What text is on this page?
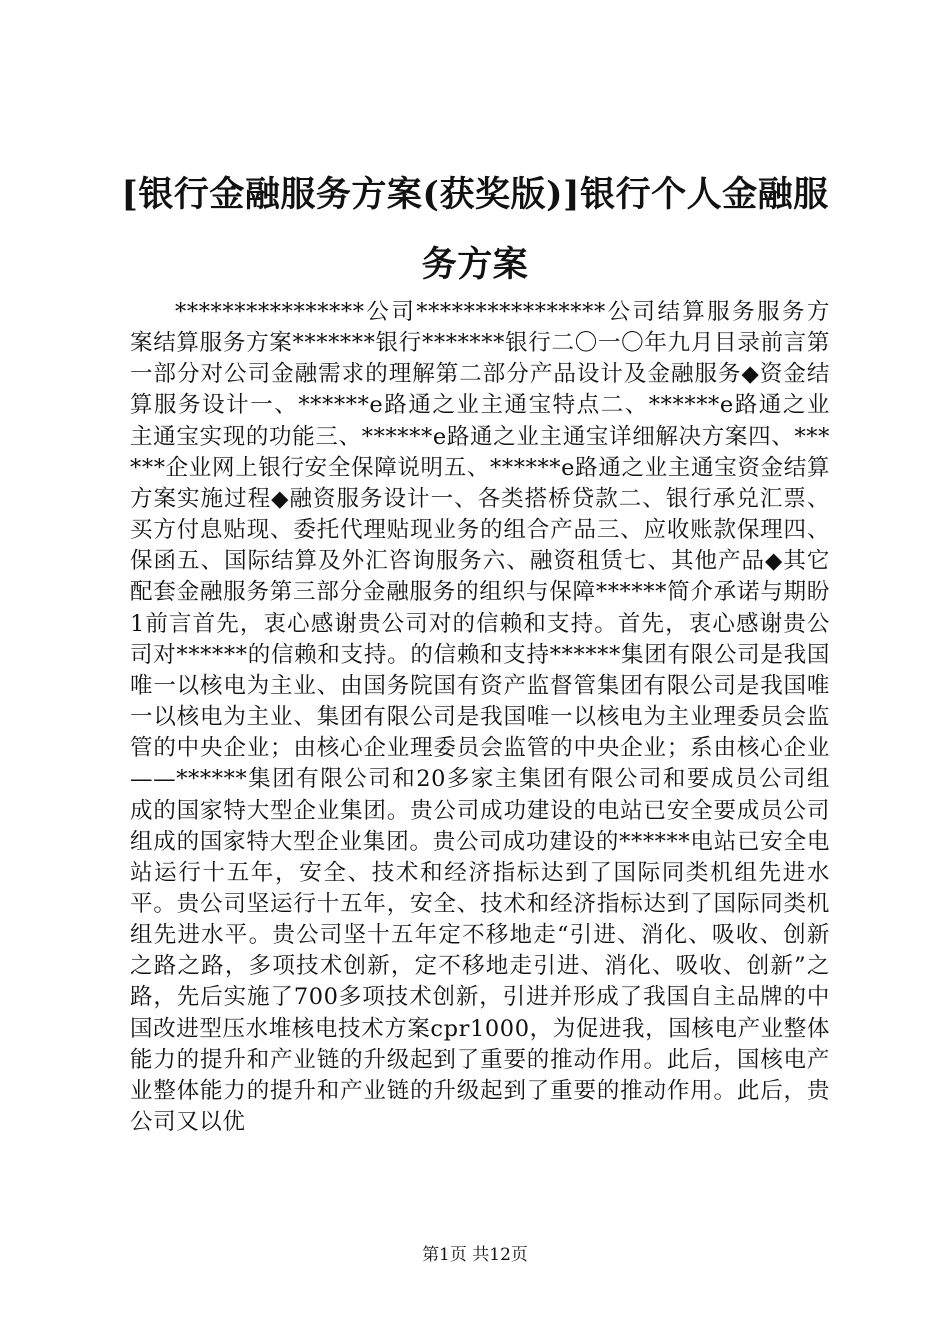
[银行金融服务方案(获奖版)]银行个人金融服务方案

****************公司****************公司结算服务服务方案结算服务方案*******银行*******银行二〇一〇年九月目录前言第一部分对公司金融需求的理解第二部分产品设计及金融服务◆资金结算服务设计一、******e路通之业主通宝特点二、******e路通之业主通宝实现的功能三、******e路通之业主通宝详细解决方案四、******企业网上银行安全保障说明五、******e路通之业主通宝资金结算方案实施过程◆融资服务设计一、各类搭桥贷款二、银行承兑汇票、买方付息贴现、委托代理贴现业务的组合产品三、应收账款保理四、保函五、国际结算及外汇咨询服务六、融资租赁七、其他产品◆其它配套金融服务第三部分金融服务的组织与保障******简介承诺与期盼1前言首先，衷心感谢贵公司对的信赖和支持。首先，衷心感谢贵公司对******的信赖和支持。的信赖和支持******集团有限公司是我国唯一以核电为主业、由国务院国有资产监督管集团有限公司是我国唯一以核电为主业、集团有限公司是我国唯一以核电为主业理委员会监管的中央企业；由核心企业理委员会监管的中央企业；系由核心企业——******集团有限公司和20多家主集团有限公司和要成员公司组成的国家特大型企业集团。贵公司成功建设的电站已安全要成员公司组成的国家特大型企业集团。贵公司成功建设的******电站已安全电站运行十五年，安全、技术和经济指标达到了国际同类机组先进水平。贵公司坚运行十五年，安全、技术和经济指标达到了国际同类机组先进水平。贵公司坚十五年定不移地走“引进、消化、吸收、创新之路之路，多项技术创新，定不移地走引进、消化、吸收、创新”之路，先后实施了700多项技术创新，引进并形成了我国自主品牌的中国改进型压水堆核电技术方案cpr1000，为促进我，国核电产业整体能力的提升和产业链的升级起到了重要的推动作用。此后，国核电产业整体能力的提升和产业链的升级起到了重要的推动作用。此后，贵公司又以优

第1页 共12页
